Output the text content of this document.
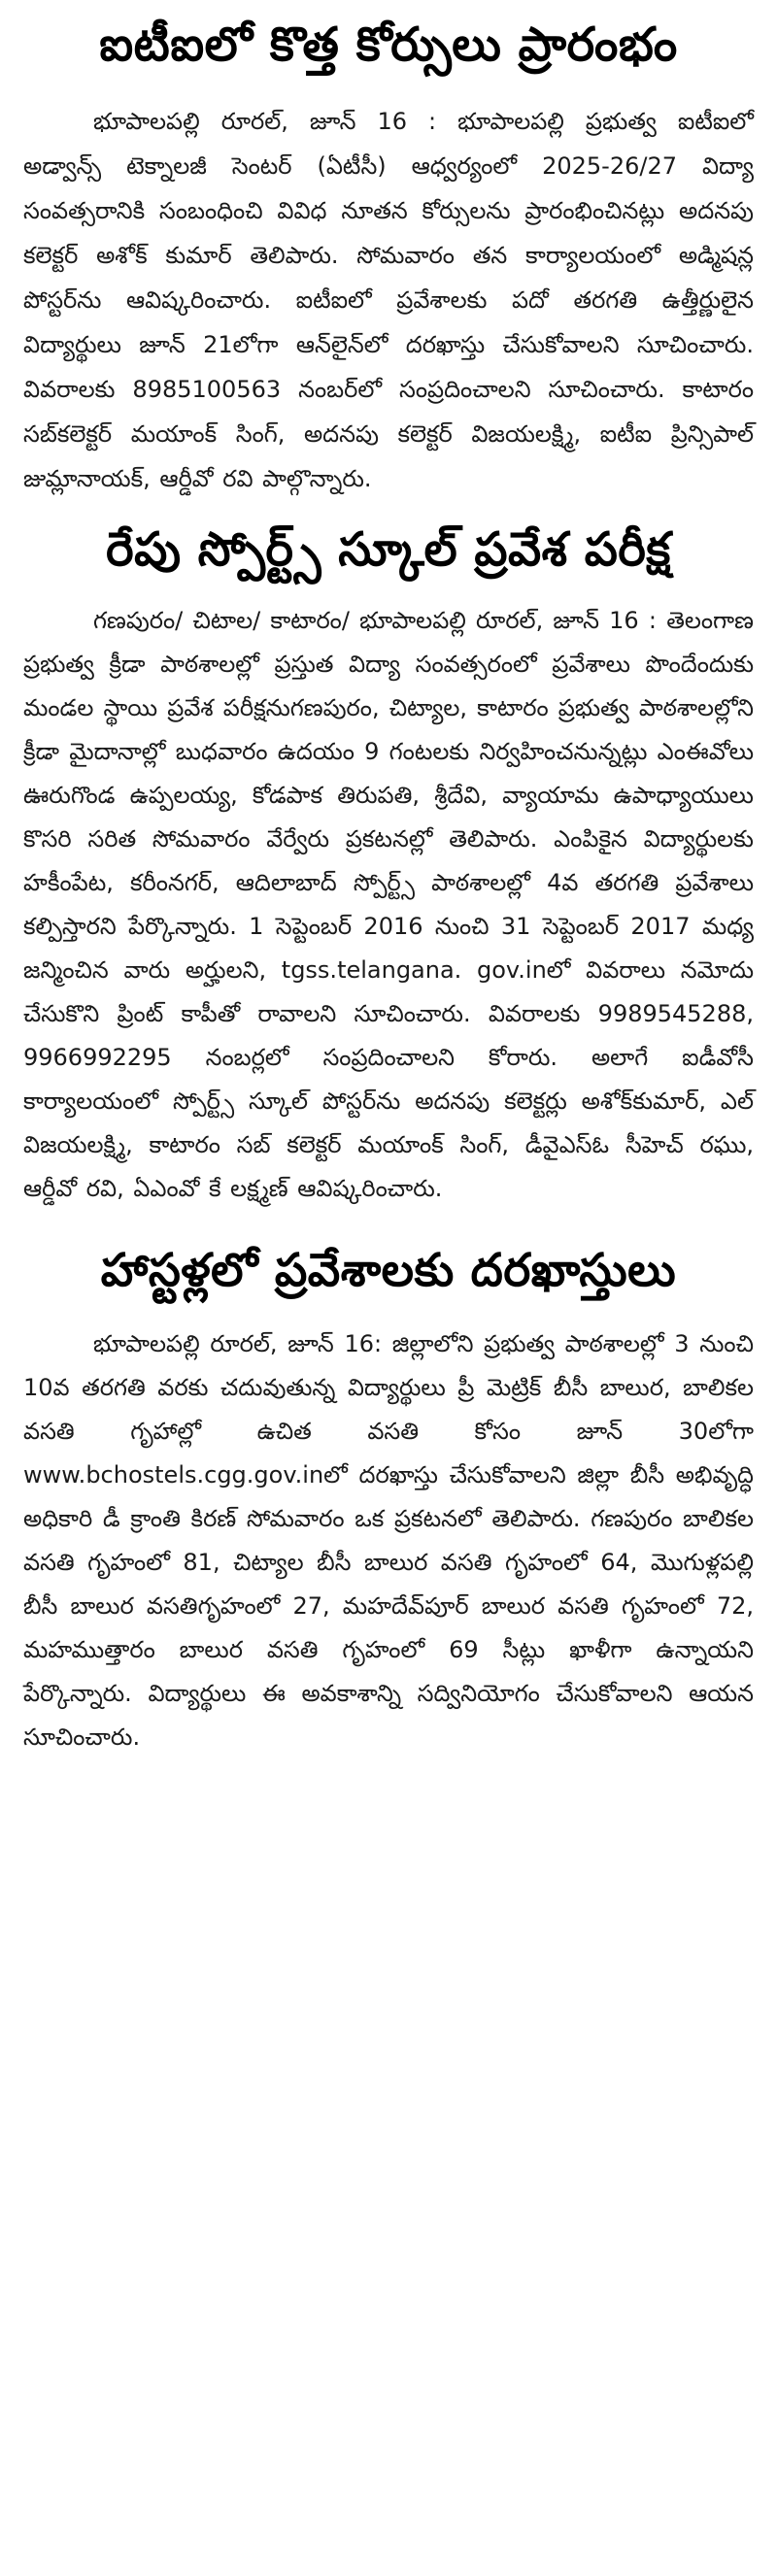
ఐటీఐలో కొత్త కోర్సులు ప్రారంభం

భూపాలపల్లి రూరల్, జూన్ 16 : భూపాలపల్లి ప్రభుత్వ ఐటీఐలో అడ్వాన్స్ టెక్నాలజీ సెంటర్ (ఏటీసీ) ఆధ్వర్యంలో 2025-26/27 విద్యా సంవత్సరానికి సంబంధించి వివిధ నూతన కోర్సులను ప్రారంభించినట్లు అదనపు కలెక్టర్ అశోక్ కుమార్ తెలిపారు. సోమవారం తన కార్యాలయంలో అడ్మిషన్ల పోస్టర్‌ను ఆవిష్కరించారు. ఐటీఐలో ప్రవేశాలకు పదో తరగతి ఉత్తీర్ణులైన విద్యార్థులు జూన్ 21లోగా ఆన్‌లైన్‌లో దరఖాస్తు చేసుకోవాలని సూచించారు. వివరాలకు 8985100563 నంబర్‌లో సంప్రదించాలని సూచించారు. కాటారం సబ్‌కలెక్టర్ మయాంక్ సింగ్, అదనపు కలెక్టర్ విజయలక్ష్మి, ఐటీఐ ప్రిన్సిపాల్ జుమ్లానాయక్, ఆర్డీవో రవి పాల్గొన్నారు.

రేపు స్పోర్ట్స్ స్కూల్ ప్రవేశ పరీక్ష

గణపురం/ చిటాల/ కాటారం/ భూపాలపల్లి రూరల్, జూన్ 16 : తెలంగాణ ప్రభుత్వ క్రీడా పాఠశాలల్లో ప్రస్తుత విద్యా సంవత్సరంలో ప్రవేశాలు పొందేందుకు మండల స్థాయి ప్రవేశ పరీక్షనుగణపురం, చిట్యాల, కాటారం ప్రభుత్వ పాఠశాలల్లోని క్రీడా మైదానాల్లో బుధవారం ఉదయం 9 గంటలకు నిర్వహించనున్నట్లు ఎంఈవోలు ఊరుగొండ ఉప్పలయ్య, కోడపాక తిరుపతి, శ్రీదేవి, వ్యాయామ ఉపాధ్యాయులు కొసరి సరిత సోమవారం వేర్వేరు ప్రకటనల్లో తెలిపారు. ఎంపికైన విద్యార్థులకు హకీంపేట, కరీంనగర్, ఆదిలాబాద్ స్పోర్ట్స్ పాఠశాలల్లో 4వ తరగతి ప్రవేశాలు కల్పిస్తారని పేర్కొన్నారు. 1 సెప్టెంబర్ 2016 నుంచి 31 సెప్టెంబర్ 2017 మధ్య జన్మించిన వారు అర్హులని, tgss.telangana. gov.inలో వివరాలు నమోదు చేసుకొని ప్రింట్ కాపీతో రావాలని సూచించారు. వివరాలకు 9989545288, 9966992295 నంబర్లలో సంప్రదించాలని కోరారు. అలాగే ఐడీవోసీ కార్యాలయంలో స్పోర్ట్స్ స్కూల్ పోస్టర్‌ను అదనపు కలెక్టర్లు అశోక్‌కుమార్, ఎల్ విజయలక్ష్మి, కాటారం సబ్ కలెక్టర్ మయాంక్ సింగ్, డీవైఎస్‌ఓ సీహెచ్ రఘు, ఆర్డీవో రవి, ఏఎంవో కే లక్ష్మణ్ ఆవిష్కరించారు.

హాస్టళ్లలో ప్రవేశాలకు దరఖాస్తులు

భూపాలపల్లి రూరల్, జూన్ 16: జిల్లాలోని ప్రభుత్వ పాఠశాలల్లో 3 నుంచి 10వ తరగతి వరకు చదువుతున్న విద్యార్థులు ప్రీ మెట్రిక్ బీసీ బాలుర, బాలికల వసతి గృహాల్లో ఉచిత వసతి కోసం జూన్ 30లోగా www.bchostels.cgg.gov.inలో దరఖాస్తు చేసుకోవాలని జిల్లా బీసీ అభివృద్ధి అధికారి డీ క్రాంతి కిరణ్ సోమవారం ఒక ప్రకటనలో తెలిపారు. గణపురం బాలికల వసతి గృహంలో 81, చిట్యాల బీసీ బాలుర వసతి గృహంలో 64, మొగుళ్లపల్లి బీసీ బాలుర వసతిగృహంలో 27, మహదేవ్‌పూర్ బాలుర వసతి గృహంలో 72, మహముత్తారం బాలుర వసతి గృహంలో 69 సీట్లు ఖాళీగా ఉన్నాయని పేర్కొన్నారు. విద్యార్థులు ఈ అవకాశాన్ని సద్వినియోగం చేసుకోవాలని ఆయన సూచించారు.
